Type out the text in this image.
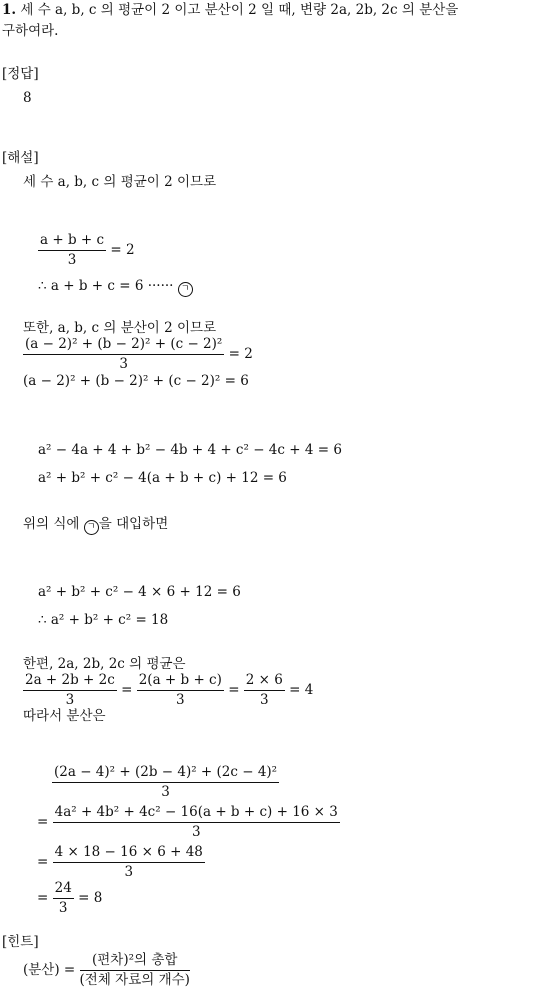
1. 세 수 a, b, c 의 평균이 2 이고 분산이 2 일 때, 변량 2a, 2b, 2c 의 분산을
구하여라.
[정답]
8
[해설]
세 수 a, b, c 의 평균이 2 이므로
$\frac{a + b + c}{3} = 2$
∴ a + b + c = 6 ······ ㄱ
또한, a, b, c 의 분산이 2 이므로
$\frac{\text{(a − 2)² + (b − 2)² + (c − 2)²}}{3} = 2$
(a − 2)² + (b − 2)² + (c − 2)² = 6
a² − 4a + 4 + b² − 4b + 4 + c² − 4c + 4 = 6
a² + b² + c² − 4(a + b + c) + 12 = 6
위의 식에 ㄱ 을 대입하면
a² + b² + c² − 4 × 6 + 12 = 6
∴ a² + b² + c² = 18
한편, 2a, 2b, 2c 의 평균은
$\frac{2a + 2b + 2c}{3} = \frac{2(a + b + c)}{3} = \frac{2 \times 6}{3} = 4$
따라서 분산은
$\frac{\text{(2a − 4)² + (2b − 4)² + (2c − 4)²}}{3}$
= $\frac{\text{4a² + 4b² + 4c² − 16(a + b + c) + 16 × 3}}{3}$
= $\frac{4 \times 18 - 16 \times 6 + 48}{3}$
= $\frac{24}{3} = 8$
[힌트]
(분산) = $\frac{\text{(편차)²의 총합}}{\text{(전체 자료의 개수)}}$
